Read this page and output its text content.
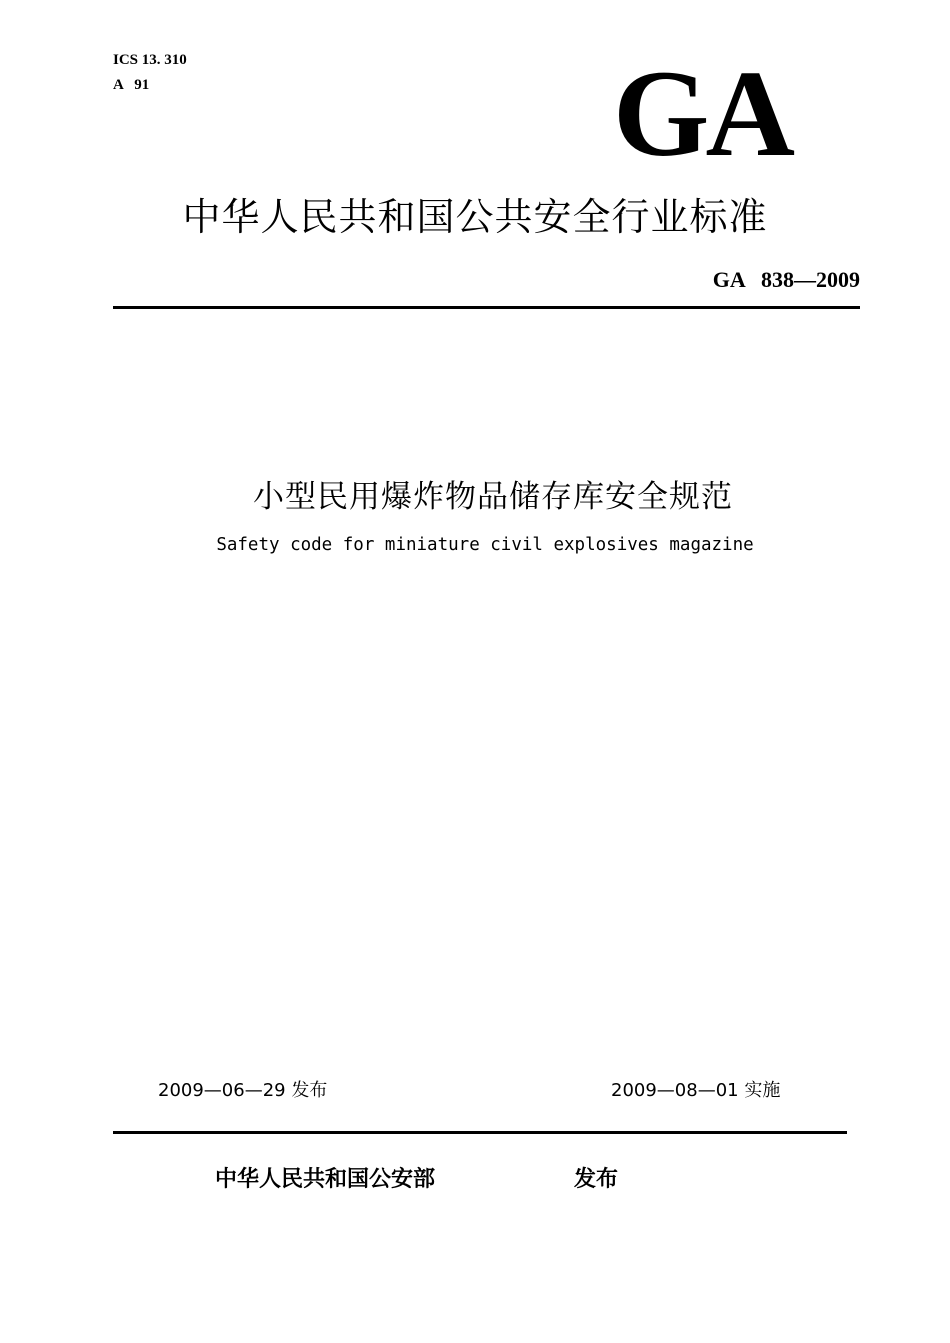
ICS 13. 310
A   91	GA
中华人民共和国公共安全行业标准
GA   838—2009
小型民用爆炸物品储存库安全规范
Safety code for miniature civil explosives magazine
2009—06—29 发布	2009—08—01 实施
中华人民共和国公安部	发布
